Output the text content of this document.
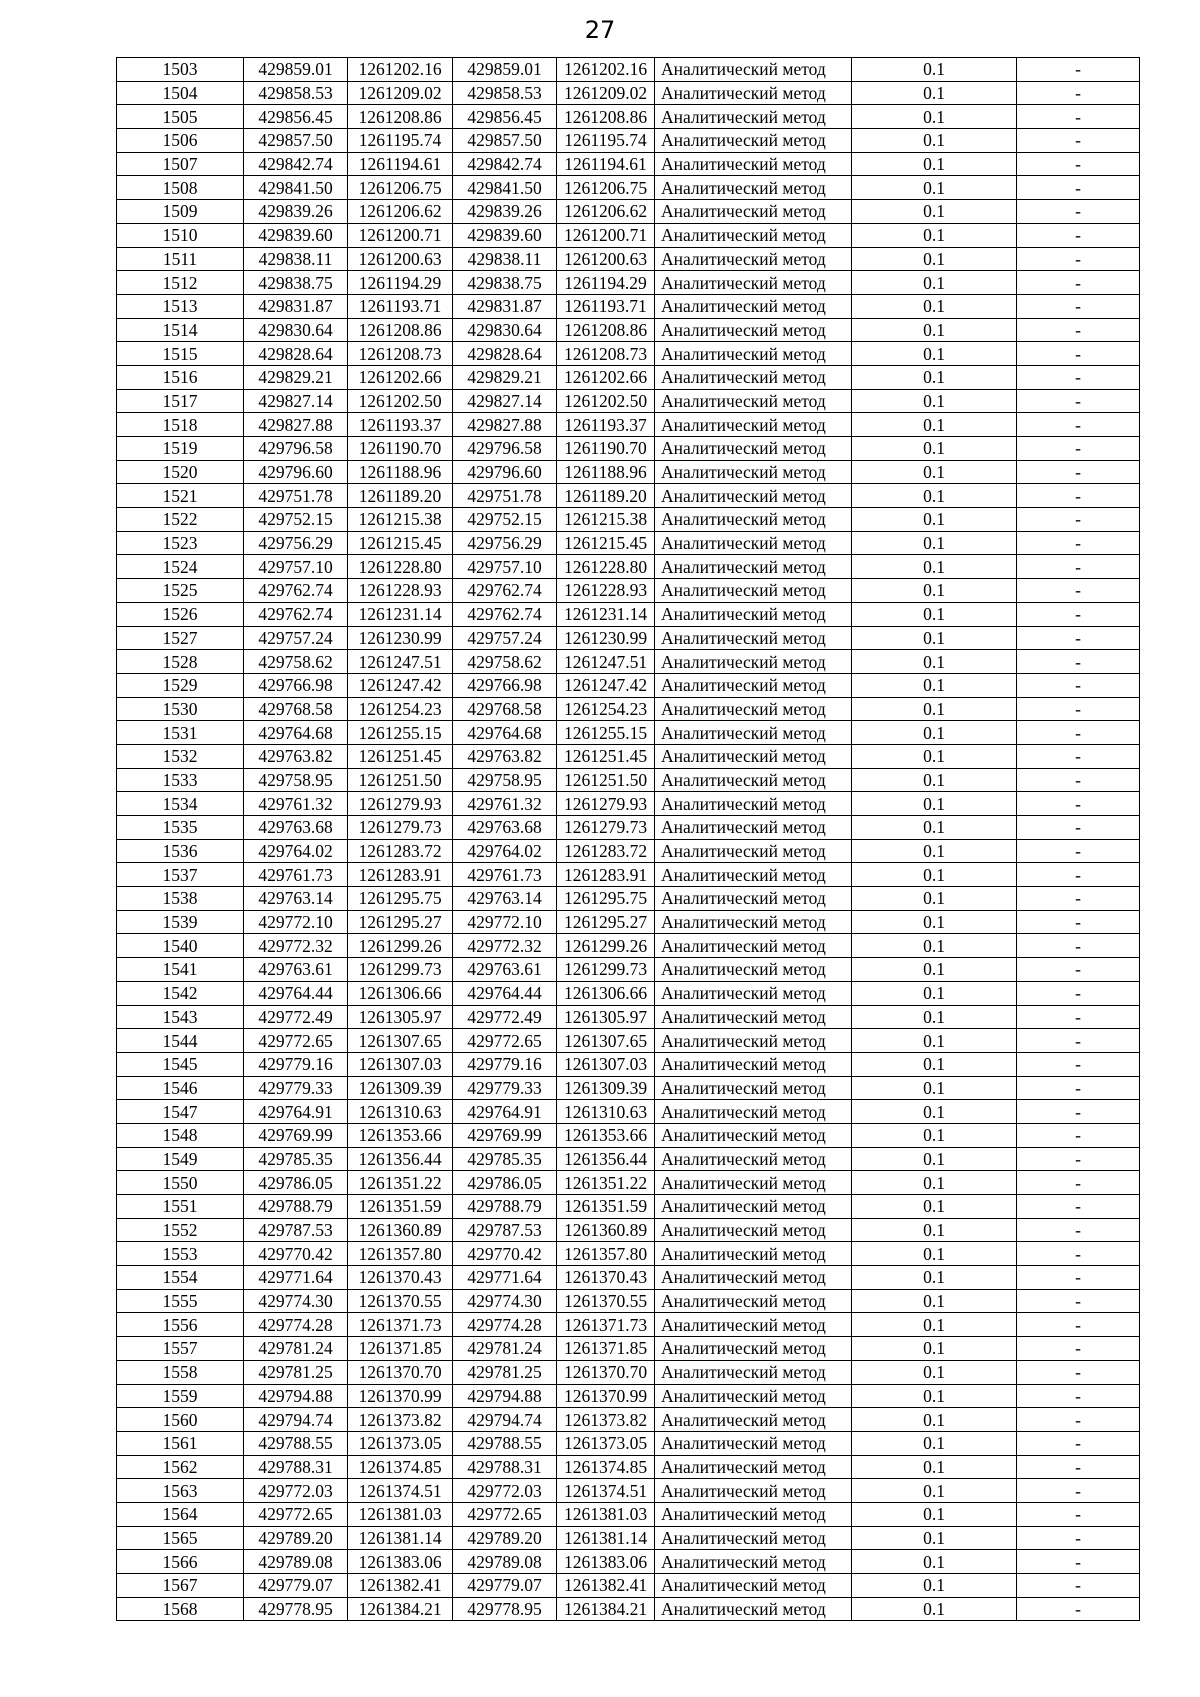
27
1503	429859.01	1261202.16	429859.01	1261202.16	Аналитический метод	0.1	-
1504	429858.53	1261209.02	429858.53	1261209.02	Аналитический метод	0.1	-
1505	429856.45	1261208.86	429856.45	1261208.86	Аналитический метод	0.1	-
1506	429857.50	1261195.74	429857.50	1261195.74	Аналитический метод	0.1	-
1507	429842.74	1261194.61	429842.74	1261194.61	Аналитический метод	0.1	-
1508	429841.50	1261206.75	429841.50	1261206.75	Аналитический метод	0.1	-
1509	429839.26	1261206.62	429839.26	1261206.62	Аналитический метод	0.1	-
1510	429839.60	1261200.71	429839.60	1261200.71	Аналитический метод	0.1	-
1511	429838.11	1261200.63	429838.11	1261200.63	Аналитический метод	0.1	-
1512	429838.75	1261194.29	429838.75	1261194.29	Аналитический метод	0.1	-
1513	429831.87	1261193.71	429831.87	1261193.71	Аналитический метод	0.1	-
1514	429830.64	1261208.86	429830.64	1261208.86	Аналитический метод	0.1	-
1515	429828.64	1261208.73	429828.64	1261208.73	Аналитический метод	0.1	-
1516	429829.21	1261202.66	429829.21	1261202.66	Аналитический метод	0.1	-
1517	429827.14	1261202.50	429827.14	1261202.50	Аналитический метод	0.1	-
1518	429827.88	1261193.37	429827.88	1261193.37	Аналитический метод	0.1	-
1519	429796.58	1261190.70	429796.58	1261190.70	Аналитический метод	0.1	-
1520	429796.60	1261188.96	429796.60	1261188.96	Аналитический метод	0.1	-
1521	429751.78	1261189.20	429751.78	1261189.20	Аналитический метод	0.1	-
1522	429752.15	1261215.38	429752.15	1261215.38	Аналитический метод	0.1	-
1523	429756.29	1261215.45	429756.29	1261215.45	Аналитический метод	0.1	-
1524	429757.10	1261228.80	429757.10	1261228.80	Аналитический метод	0.1	-
1525	429762.74	1261228.93	429762.74	1261228.93	Аналитический метод	0.1	-
1526	429762.74	1261231.14	429762.74	1261231.14	Аналитический метод	0.1	-
1527	429757.24	1261230.99	429757.24	1261230.99	Аналитический метод	0.1	-
1528	429758.62	1261247.51	429758.62	1261247.51	Аналитический метод	0.1	-
1529	429766.98	1261247.42	429766.98	1261247.42	Аналитический метод	0.1	-
1530	429768.58	1261254.23	429768.58	1261254.23	Аналитический метод	0.1	-
1531	429764.68	1261255.15	429764.68	1261255.15	Аналитический метод	0.1	-
1532	429763.82	1261251.45	429763.82	1261251.45	Аналитический метод	0.1	-
1533	429758.95	1261251.50	429758.95	1261251.50	Аналитический метод	0.1	-
1534	429761.32	1261279.93	429761.32	1261279.93	Аналитический метод	0.1	-
1535	429763.68	1261279.73	429763.68	1261279.73	Аналитический метод	0.1	-
1536	429764.02	1261283.72	429764.02	1261283.72	Аналитический метод	0.1	-
1537	429761.73	1261283.91	429761.73	1261283.91	Аналитический метод	0.1	-
1538	429763.14	1261295.75	429763.14	1261295.75	Аналитический метод	0.1	-
1539	429772.10	1261295.27	429772.10	1261295.27	Аналитический метод	0.1	-
1540	429772.32	1261299.26	429772.32	1261299.26	Аналитический метод	0.1	-
1541	429763.61	1261299.73	429763.61	1261299.73	Аналитический метод	0.1	-
1542	429764.44	1261306.66	429764.44	1261306.66	Аналитический метод	0.1	-
1543	429772.49	1261305.97	429772.49	1261305.97	Аналитический метод	0.1	-
1544	429772.65	1261307.65	429772.65	1261307.65	Аналитический метод	0.1	-
1545	429779.16	1261307.03	429779.16	1261307.03	Аналитический метод	0.1	-
1546	429779.33	1261309.39	429779.33	1261309.39	Аналитический метод	0.1	-
1547	429764.91	1261310.63	429764.91	1261310.63	Аналитический метод	0.1	-
1548	429769.99	1261353.66	429769.99	1261353.66	Аналитический метод	0.1	-
1549	429785.35	1261356.44	429785.35	1261356.44	Аналитический метод	0.1	-
1550	429786.05	1261351.22	429786.05	1261351.22	Аналитический метод	0.1	-
1551	429788.79	1261351.59	429788.79	1261351.59	Аналитический метод	0.1	-
1552	429787.53	1261360.89	429787.53	1261360.89	Аналитический метод	0.1	-
1553	429770.42	1261357.80	429770.42	1261357.80	Аналитический метод	0.1	-
1554	429771.64	1261370.43	429771.64	1261370.43	Аналитический метод	0.1	-
1555	429774.30	1261370.55	429774.30	1261370.55	Аналитический метод	0.1	-
1556	429774.28	1261371.73	429774.28	1261371.73	Аналитический метод	0.1	-
1557	429781.24	1261371.85	429781.24	1261371.85	Аналитический метод	0.1	-
1558	429781.25	1261370.70	429781.25	1261370.70	Аналитический метод	0.1	-
1559	429794.88	1261370.99	429794.88	1261370.99	Аналитический метод	0.1	-
1560	429794.74	1261373.82	429794.74	1261373.82	Аналитический метод	0.1	-
1561	429788.55	1261373.05	429788.55	1261373.05	Аналитический метод	0.1	-
1562	429788.31	1261374.85	429788.31	1261374.85	Аналитический метод	0.1	-
1563	429772.03	1261374.51	429772.03	1261374.51	Аналитический метод	0.1	-
1564	429772.65	1261381.03	429772.65	1261381.03	Аналитический метод	0.1	-
1565	429789.20	1261381.14	429789.20	1261381.14	Аналитический метод	0.1	-
1566	429789.08	1261383.06	429789.08	1261383.06	Аналитический метод	0.1	-
1567	429779.07	1261382.41	429779.07	1261382.41	Аналитический метод	0.1	-
1568	429778.95	1261384.21	429778.95	1261384.21	Аналитический метод	0.1	-
